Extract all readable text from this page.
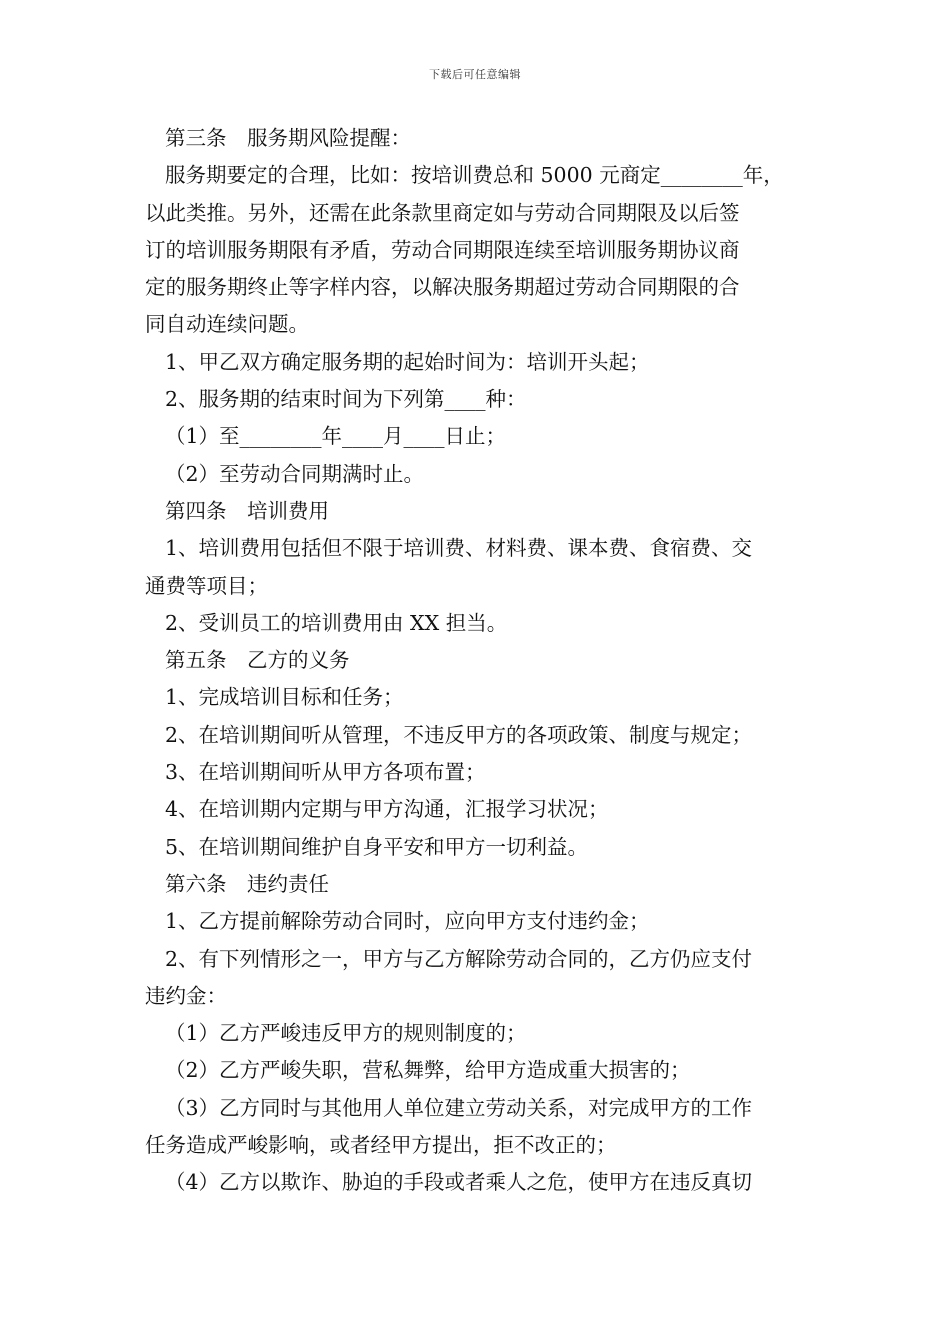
下载后可任意编辑
第三条　服务期风险提醒：
服务期要定的合理，比如：按培训费总和 5000 元商定________年，
以此类推。另外，还需在此条款里商定如与劳动合同期限及以后签
订的培训服务期限有矛盾，劳动合同期限连续至培训服务期协议商
定的服务期终止等字样内容，以解决服务期超过劳动合同期限的合
同自动连续问题。
1、甲乙双方确定服务期的起始时间为：培训开头起；
2、服务期的结束时间为下列第____种：
（1）至________年____月____日止；
（2）至劳动合同期满时止。
第四条　培训费用
1、培训费用包括但不限于培训费、材料费、课本费、食宿费、交
通费等项目；
2、受训员工的培训费用由 XX 担当。
第五条　乙方的义务
1、完成培训目标和任务；
2、在培训期间听从管理，不违反甲方的各项政策、制度与规定；
3、在培训期间听从甲方各项布置；
4、在培训期内定期与甲方沟通，汇报学习状况；
5、在培训期间维护自身平安和甲方一切利益。
第六条　违约责任
1、乙方提前解除劳动合同时，应向甲方支付违约金；
2、有下列情形之一，甲方与乙方解除劳动合同的，乙方仍应支付
违约金：
（1）乙方严峻违反甲方的规则制度的；
（2）乙方严峻失职，营私舞弊，给甲方造成重大损害的；
（3）乙方同时与其他用人单位建立劳动关系，对完成甲方的工作
任务造成严峻影响，或者经甲方提出，拒不改正的；
（4）乙方以欺诈、胁迫的手段或者乘人之危，使甲方在违反真切
